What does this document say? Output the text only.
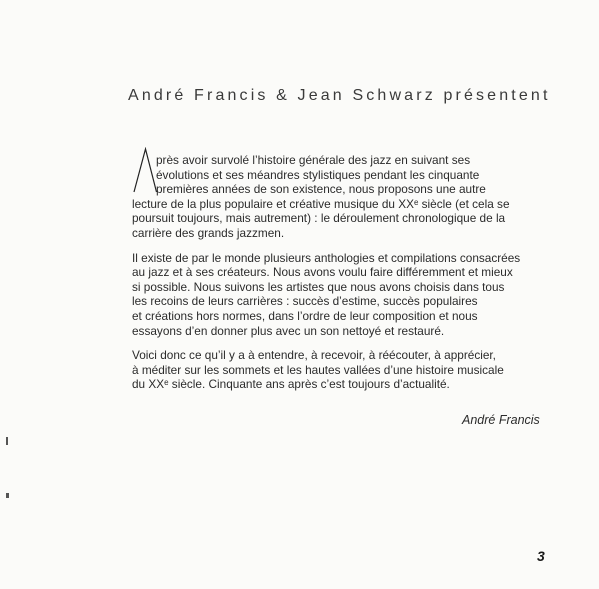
André Francis & Jean Schwarz présentent
près avoir survolé l’histoire générale des jazz en suivant ses
évolutions et ses méandres stylistiques pendant les cinquante
premières années de son existence, nous proposons une autre
lecture de la plus populaire et créative musique du XXᵉ siècle (et cela se
poursuit toujours, mais autrement) : le déroulement chronologique de la
carrière des grands jazzmen.
Il existe de par le monde plusieurs anthologies et compilations consacrées
au jazz et à ses créateurs. Nous avons voulu faire différemment et mieux
si possible. Nous suivons les artistes que nous avons choisis dans tous
les recoins de leurs carrières : succès d’estime, succès populaires
et créations hors normes, dans l’ordre de leur composition et nous
essayons d’en donner plus avec un son nettoyé et restauré.
Voici donc ce qu’il y a à entendre, à recevoir, à réécouter, à apprécier,
à méditer sur les sommets et les hautes vallées d’une histoire musicale
du XXᵉ siècle. Cinquante ans après c’est toujours d’actualité.
André Francis
3
